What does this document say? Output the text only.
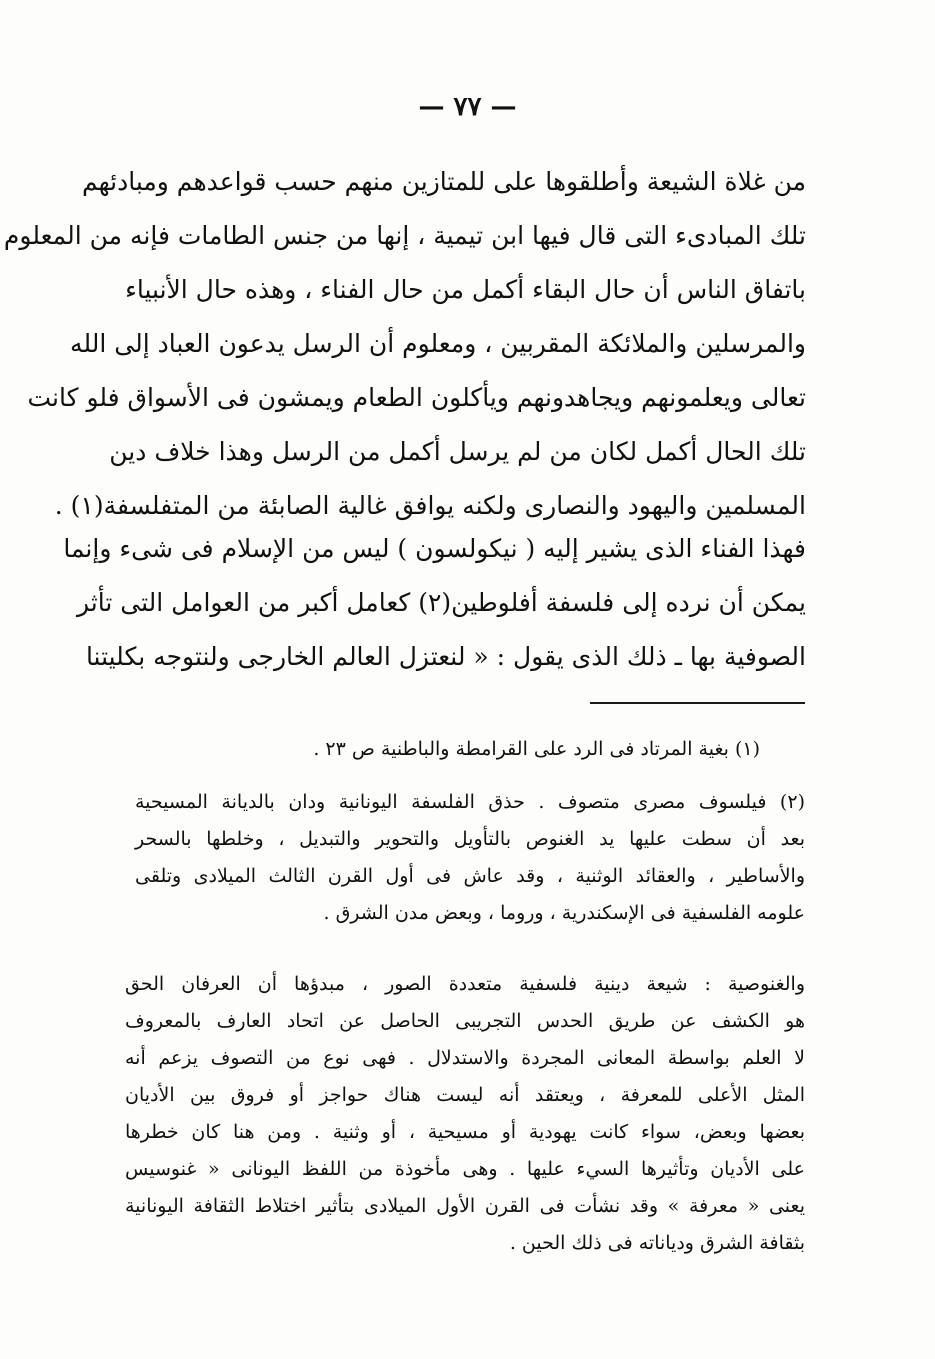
— ٧٧ —
من غلاة الشيعة وأطلقوها على للمتازين منهم حسب قواعدهم ومبادئهم
تلك المبادىء التى قال فيها ابن تيمية ، إنها من جنس الطامات فإنه من المعلوم
باتفاق الناس أن حال البقاء أكمل من حال الفناء ، وهذه حال الأنبياء
والمرسلين والملائكة المقربين ، ومعلوم أن الرسل يدعون العباد إلى الله
تعالى ويعلمونهم ويجاهدونهم ويأكلون الطعام ويمشون فى الأسواق فلو كانت
تلك الحال أكمل لكان من لم يرسل أكمل من الرسل وهذا خلاف دين
المسلمين واليهود والنصارى ولكنه يوافق غالية الصابئة من المتفلسفة(١) .
فهذا الفناء الذى يشير إليه ( نيكولسون ) ليس من الإسلام فى شىء وإنما
يمكن أن نرده إلى فلسفة أفلوطين(٢) كعامل أكبر من العوامل التى تأثر
الصوفية بها ـ ذلك الذى يقول : « لنعتزل العالم الخارجى ولنتوجه بكليتنا
(١) بغية المرتاد فى الرد على القرامطة والباطنية ص ٢٣ .
(٢) فيلسوف مصرى متصوف . حذق الفلسفة اليونانية ودان بالديانة المسيحية
بعد أن سطت عليها يد الغنوص بالتأويل والتحوير والتبديل ، وخلطها بالسحر
والأساطير ، والعقائد الوثنية ، وقد عاش فى أول القرن الثالث الميلادى وتلقى
علومه الفلسفية فى الإسكندرية ، وروما ، وبعض مدن الشرق .
والغنوصية : شيعة دينية فلسفية متعددة الصور ، مبدؤها أن العرفان الحق
هو الكشف عن طريق الحدس التجريبى الحاصل عن اتحاد العارف بالمعروف
لا العلم بواسطة المعانى المجردة والاستدلال . فهى نوع من التصوف يزعم أنه
المثل الأعلى للمعرفة ، ويعتقد أنه ليست هناك حواجز أو فروق بين الأديان
بعضها وبعض، سواء كانت يهودية أو مسيحية ، أو وثنية . ومن هنا كان خطرها
على الأديان وتأثيرها السيء عليها . وهى مأخوذة من اللفظ اليونانى « غنوسيس
يعنى « معرفة » وقد نشأت فى القرن الأول الميلادى بتأثير اختلاط الثقافة اليونانية
بثقافة الشرق ودياناته فى ذلك الحين .
